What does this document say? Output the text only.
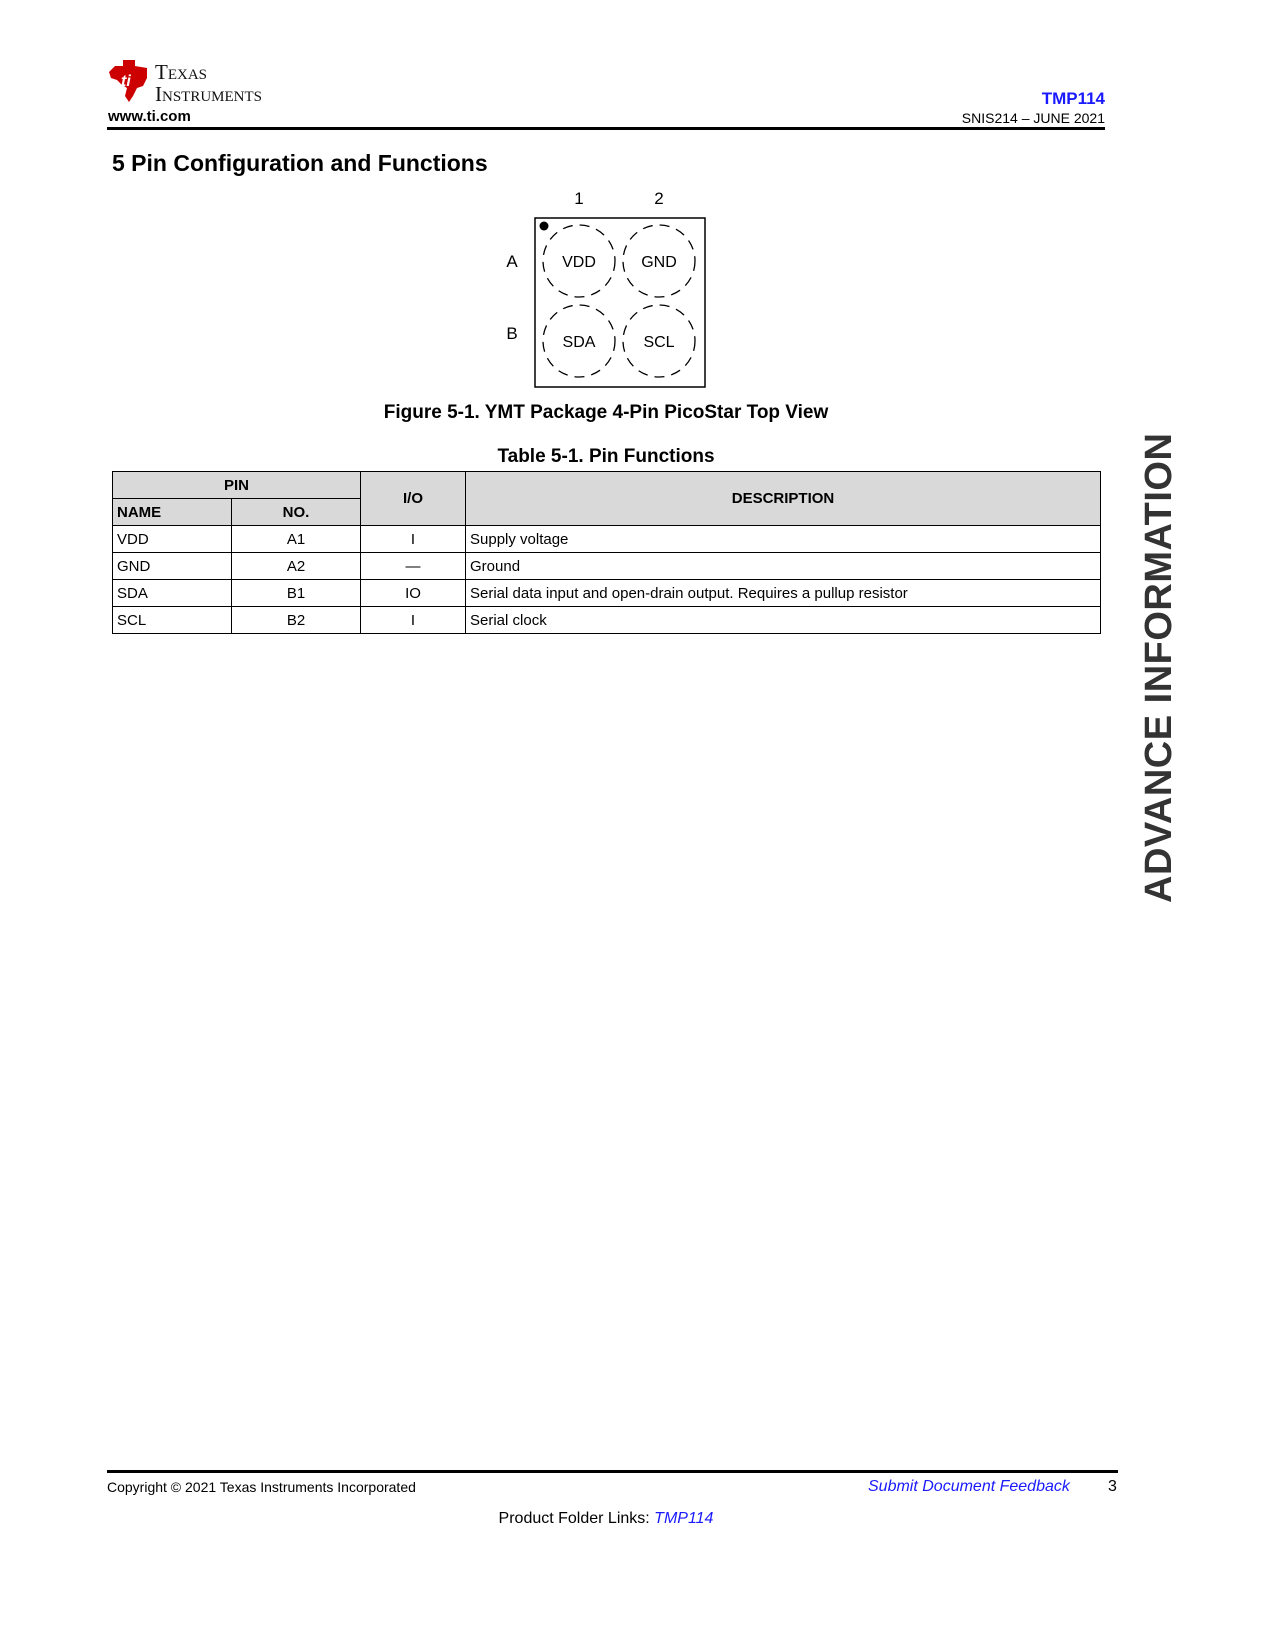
ti Texas
Instruments
www.ti.com
TMP114
SNIS214 – JUNE 2021
5 Pin Configuration and Functions
1	2
A
B
VDD	GND
SDA	SCL
Figure 5-1. YMT Package 4-Pin PicoStar Top View
Table 5-1. Pin Functions
PIN		I/O	DESCRIPTION
NAME	NO.		
VDD	A1	I	Supply voltage
GND	A2	—	Ground
SDA	B1	IO	Serial data input and open-drain output. Requires a pullup resistor
SCL	B2	I	Serial clock	ADVANCE INFORMATION
Copyright © 2021 Texas Instruments Incorporated	Submit Document Feedback 3
Product Folder Links: TMP114
